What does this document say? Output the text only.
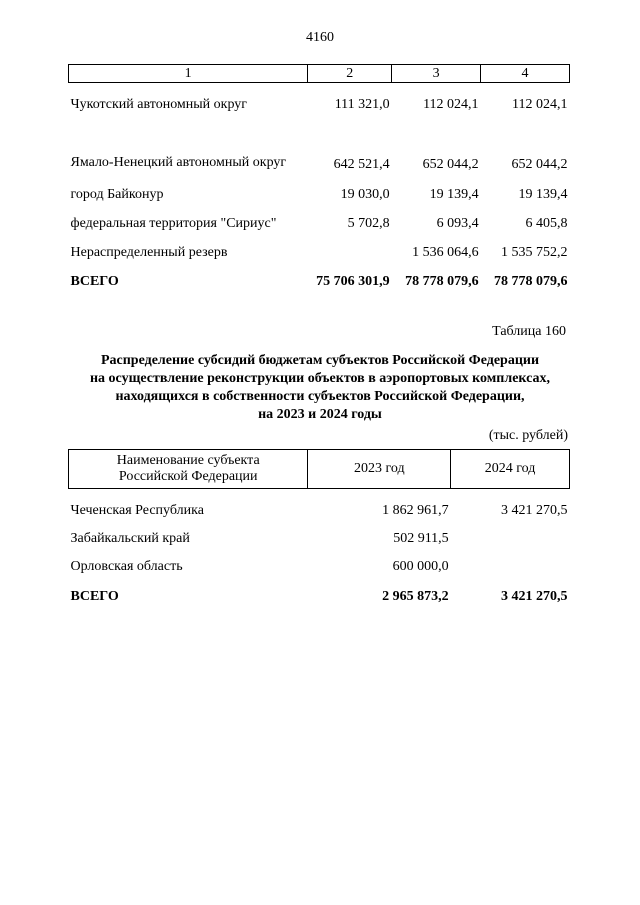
4160
1	2	3	4
Чукотский автономный округ	111 321,0	112 024,1	112 024,1
Ямало-Ненецкий автономный округ	642 521,4	652 044,2	652 044,2
город Байконур	19 030,0	19 139,4	19 139,4
федеральная территория "Сириус"	5 702,8	6 093,4	6 405,8
Нераспределенный резерв		1 536 064,6	1 535 752,2
ВСЕГО	75 706 301,9	78 778 079,6	78 778 079,6
Таблица 160
Распределение субсидий бюджетам субъектов Российской Федерации
на осуществление реконструкции объектов в аэропортовых комплексах,
находящихся в собственности субъектов Российской Федерации,
на 2023 и 2024 годы
(тыс. рублей)
Наименование субъекта
Российской Федерации	2023 год	2024 год
Чеченская Республика	1 862 961,7	3 421 270,5
Забайкальский край	502 911,5	
Орловская область	600 000,0	
ВСЕГО	2 965 873,2	3 421 270,5
